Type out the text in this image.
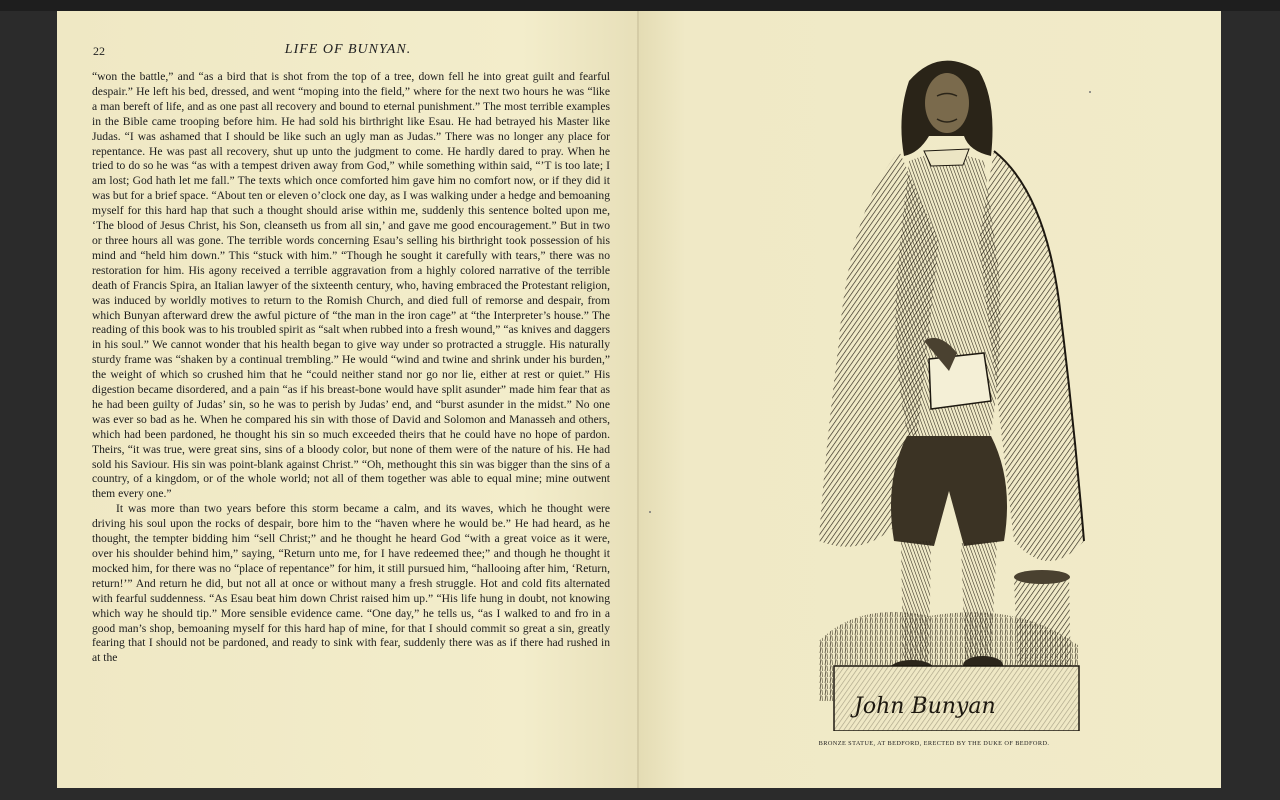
22	LIFE OF BUNYAN.

“won the battle,” and “as a bird that is shot from the top of a tree, down fell he into great guilt and fearful despair.” He left his bed, dressed, and went “moping into the field,” where for the next two hours he was “like a man bereft of life, and as one past all recovery and bound to eternal punishment.” The most terrible examples in the Bible came trooping before him. He had sold his birthright like Esau. He had betrayed his Master like Judas. “I was ashamed that I should be like such an ugly man as Judas.” There was no longer any place for repentance. He was past all recovery, shut up unto the judgment to come. He hardly dared to pray. When he tried to do so he was “as with a tempest driven away from God,” while something within said, “’T is too late; I am lost; God hath let me fall.” The texts which once comforted him gave him no comfort now, or if they did it was but for a brief space. “About ten or eleven o’clock one day, as I was walking under a hedge and bemoaning myself for this hard hap that such a thought should arise within me, suddenly this sentence bolted upon me, ‘The blood of Jesus Christ, his Son, cleanseth us from all sin,’ and gave me good encouragement.” But in two or three hours all was gone. The terrible words concerning Esau’s selling his birthright took possession of his mind and “held him down.” This “stuck with him.” “Though he sought it carefully with tears,” there was no restoration for him. His agony received a terrible aggravation from a highly colored narrative of the terrible death of Francis Spira, an Italian lawyer of the sixteenth century, who, having embraced the Protestant religion, was induced by worldly motives to return to the Romish Church, and died full of remorse and despair, from which Bunyan afterward drew the awful picture of “the man in the iron cage” at “the Interpreter’s house.” The reading of this book was to his troubled spirit as “salt when rubbed into a fresh wound,” “as knives and daggers in his soul.” We cannot wonder that his health began to give way under so protracted a struggle. His naturally sturdy frame was “shaken by a continual trembling.” He would “wind and twine and shrink under his burden,” the weight of which so crushed him that he “could neither stand nor go nor lie, either at rest or quiet.” His digestion became disordered, and a pain “as if his breast-bone would have split asunder” made him fear that as he had been guilty of Judas’ sin, so he was to perish by Judas’ end, and “burst asunder in the midst.” No one was ever so bad as he. When he compared his sin with those of David and Solomon and Manasseh and others, which had been pardoned, he thought his sin so much exceeded theirs that he could have no hope of pardon. Theirs, “it was true, were great sins, sins of a bloody color, but none of them were of the nature of his. He had sold his Saviour. His sin was point-blank against Christ.” “Oh, methought this sin was bigger than the sins of a country, of a kingdom, or of the whole world; not all of them together was able to equal mine; mine outwent them every one.”

It was more than two years before this storm became a calm, and its waves, which he thought were driving his soul upon the rocks of despair, bore him to the “haven where he would be.” He had heard, as he thought, the tempter bidding him “sell Christ;” and he thought he heard God “with a great voice as it were, over his shoulder behind him,” saying, “Return unto me, for I have redeemed thee;” and though he thought it mocked him, for there was no “place of repentance” for him, it still pursued him, “hallooing after him, ‘Return, return!’” And return he did, but not all at once or without many a fresh struggle. Hot and cold fits alternated with fearful suddenness. “As Esau beat him down Christ raised him up.” “His life hung in doubt, not knowing which way he should tip.” More sensible evidence came. “One day,” he tells us, “as I walked to and fro in a good man’s shop, bemoaning myself for this hard hap of mine, for that I should commit so great a sin, greatly fearing that I should not be pardoned, and ready to sink with fear, suddenly there was as if there had rushed in at the

John Bunyan
BRONZE STATUE, AT BEDFORD, ERECTED BY THE DUKE OF BEDFORD.
